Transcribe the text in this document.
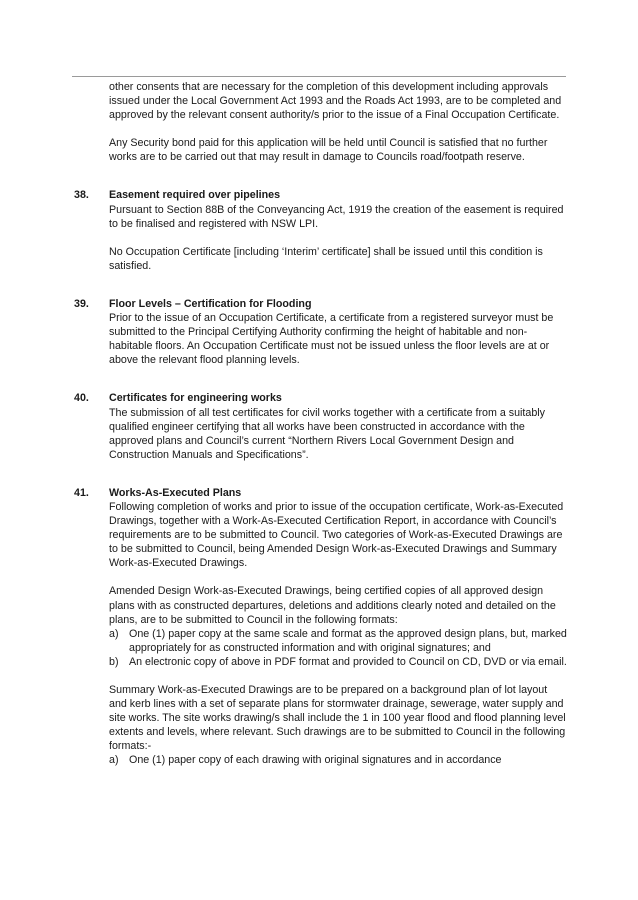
other consents that are necessary for the completion of this development including approvals issued under the Local Government Act 1993 and the Roads Act 1993, are to be completed and approved by the relevant consent authority/s prior to the issue of a Final Occupation Certificate.

Any Security bond paid for this application will be held until Council is satisfied that no further works are to be carried out that may result in damage to Councils road/footpath reserve.

38.	Easement required over pipelines

Pursuant to Section 88B of the Conveyancing Act, 1919 the creation of the easement is required to be finalised and registered with NSW LPI.

No Occupation Certificate [including ‘Interim’ certificate] shall be issued until this condition is satisfied.

39.	Floor Levels – Certification for Flooding

Prior to the issue of an Occupation Certificate, a certificate from a registered surveyor must be submitted to the Principal Certifying Authority confirming the height of habitable and non-habitable floors. An Occupation Certificate must not be issued unless the floor levels are at or above the relevant flood planning levels.

40.	Certificates for engineering works

The submission of all test certificates for civil works together with a certificate from a suitably qualified engineer certifying that all works have been constructed in accordance with the approved plans and Council’s current “Northern Rivers Local Government Design and Construction Manuals and Specifications”.

41.	Works-As-Executed Plans

Following completion of works and prior to issue of the occupation certificate, Work-as-Executed Drawings, together with a Work-As-Executed Certification Report, in accordance with Council’s requirements are to be submitted to Council. Two categories of Work-as-Executed Drawings are to be submitted to Council, being Amended Design Work-as-Executed Drawings and Summary Work-as-Executed Drawings.

Amended Design Work-as-Executed Drawings, being certified copies of all approved design plans with as constructed departures, deletions and additions clearly noted and detailed on the plans, are to be submitted to Council in the following formats:

a) One (1) paper copy at the same scale and format as the approved design plans, but, marked appropriately for as constructed information and with original signatures; and
b) An electronic copy of above in PDF format and provided to Council on CD, DVD or via email.

Summary Work-as-Executed Drawings are to be prepared on a background plan of lot layout and kerb lines with a set of separate plans for stormwater drainage, sewerage, water supply and site works. The site works drawing/s shall include the 1 in 100 year flood and flood planning level extents and levels, where relevant. Such drawings are to be submitted to Council in the following formats:-

a) One (1) paper copy of each drawing with original signatures and in accordance
